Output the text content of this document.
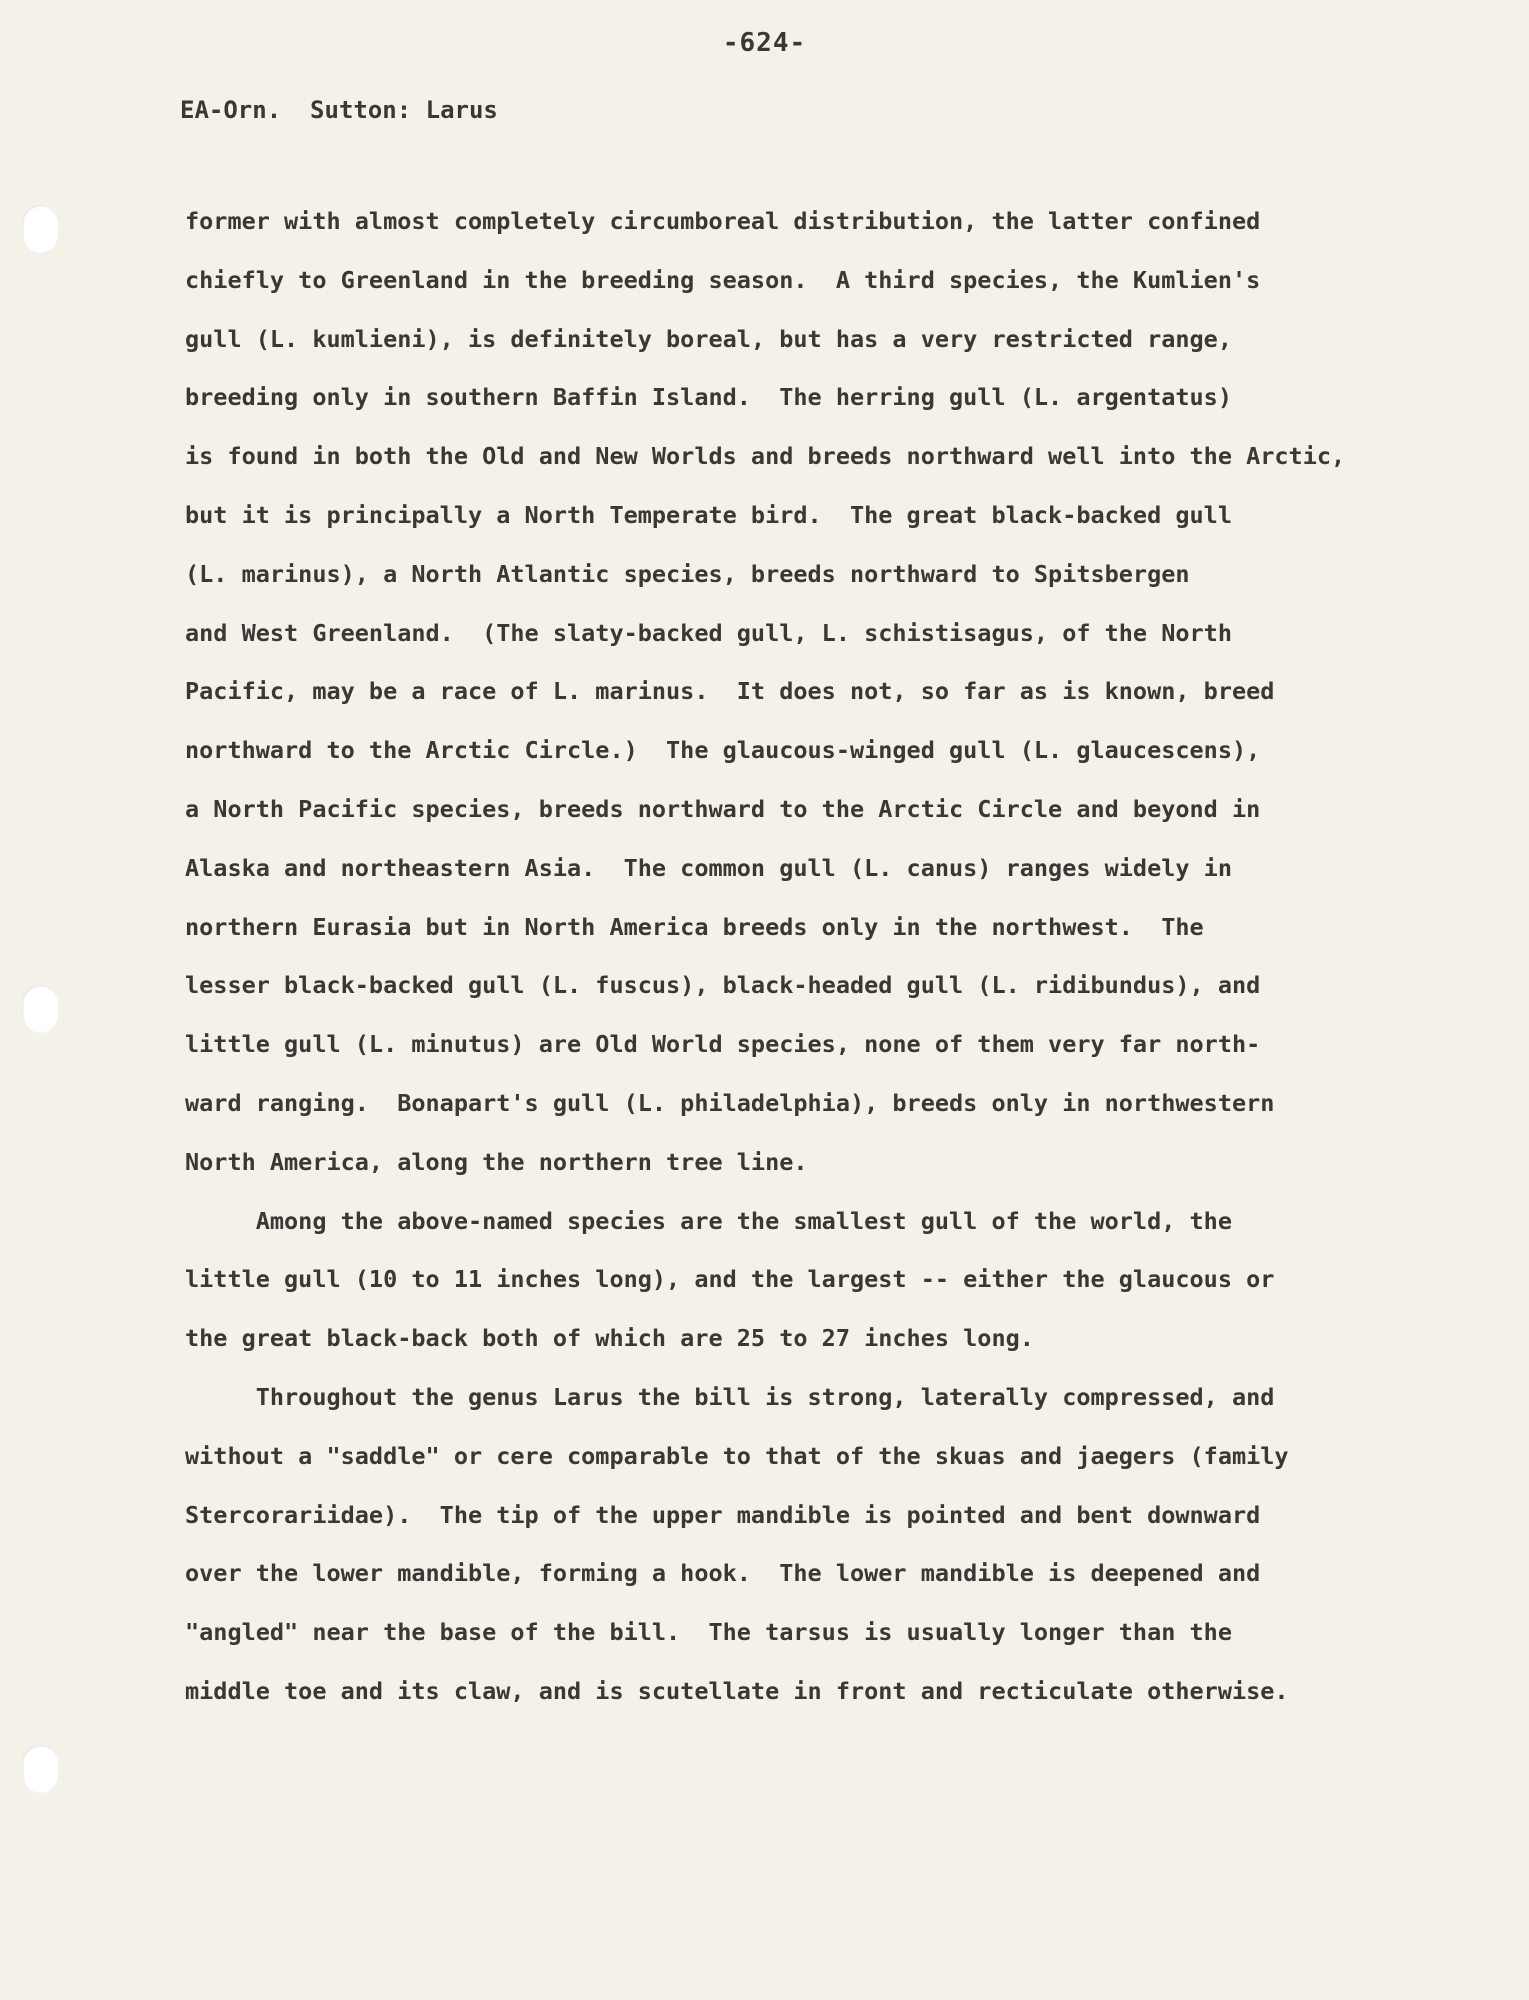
-624-
EA-Orn.  Sutton: Larus
former with almost completely circumboreal distribution, the latter confined
chiefly to Greenland in the breeding season.  A third species, the Kumlien's
gull (L. kumlieni), is definitely boreal, but has a very restricted range,
breeding only in southern Baffin Island.  The herring gull (L. argentatus)
is found in both the Old and New Worlds and breeds northward well into the Arctic,
but it is principally a North Temperate bird.  The great black-backed gull
(L. marinus), a North Atlantic species, breeds northward to Spitsbergen
and West Greenland.  (The slaty-backed gull, L. schistisagus, of the North
Pacific, may be a race of L. marinus.  It does not, so far as is known, breed
northward to the Arctic Circle.)  The glaucous-winged gull (L. glaucescens),
a North Pacific species, breeds northward to the Arctic Circle and beyond in
Alaska and northeastern Asia.  The common gull (L. canus) ranges widely in
northern Eurasia but in North America breeds only in the northwest.  The
lesser black-backed gull (L. fuscus), black-headed gull (L. ridibundus), and
little gull (L. minutus) are Old World species, none of them very far north-
ward ranging.  Bonapart's gull (L. philadelphia), breeds only in northwestern
North America, along the northern tree line.
Among the above-named species are the smallest gull of the world, the
little gull (10 to 11 inches long), and the largest -- either the glaucous or
the great black-back both of which are 25 to 27 inches long.
Throughout the genus Larus the bill is strong, laterally compressed, and
without a "saddle" or cere comparable to that of the skuas and jaegers (family
Stercorariidae).  The tip of the upper mandible is pointed and bent downward
over the lower mandible, forming a hook.  The lower mandible is deepened and
"angled" near the base of the bill.  The tarsus is usually longer than the
middle toe and its claw, and is scutellate in front and recticulate otherwise.
